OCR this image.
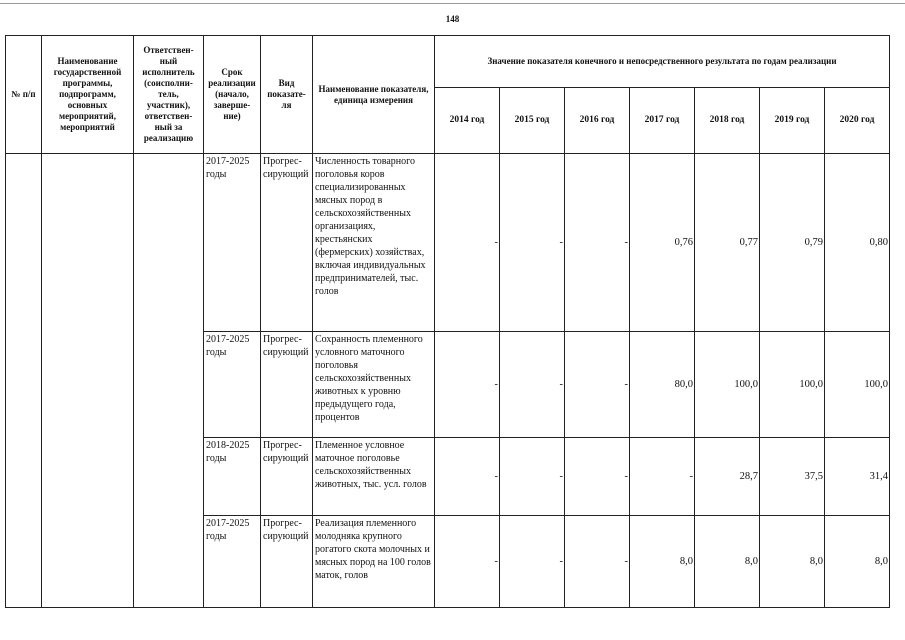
148
№ п/п	Наименование государственной программы, подпрограмм, основных мероприятий, мероприятий	Ответствен-ный исполнитель (соисполни-тель, участник), ответствен-ный за реализацию	Срок реализации (начало, заверше-ние)	Вид показате-ля	Наименование показателя, единица измерения	Значение показателя конечного и непосредственного результата по годам реализации						
						2014 год	2015 год	2016 год	2017 год	2018 год	2019 год	2020 год
			2017-2025 годы	Прогрес-сирующий	Численность товарного поголовья коров специализированных мясных пород в сельскохозяйственных организациях, крестьянских (фермерских) хозяйствах, включая индивидуальных предпринимателей, тыс. голов	-	-	-	0,76	0,77	0,79	0,80
			2017-2025 годы	Прогрес-сирующий	Сохранность племенного условного маточного поголовья сельскохозяйственных животных к уровню предыдущего года, процентов	-	-	-	80,0	100,0	100,0	100,0
			2018-2025 годы	Прогрес-сирующий	Племенное условное маточное поголовье сельскохозяйственных животных, тыс. усл. голов	-	-	-	-	28,7	37,5	31,4
			2017-2025 годы	Прогрес-сирующий	Реализация племенного молодняка крупного рогатого скота молочных и мясных пород на 100 голов маток, голов	-	-	-	8,0	8,0	8,0	8,0
